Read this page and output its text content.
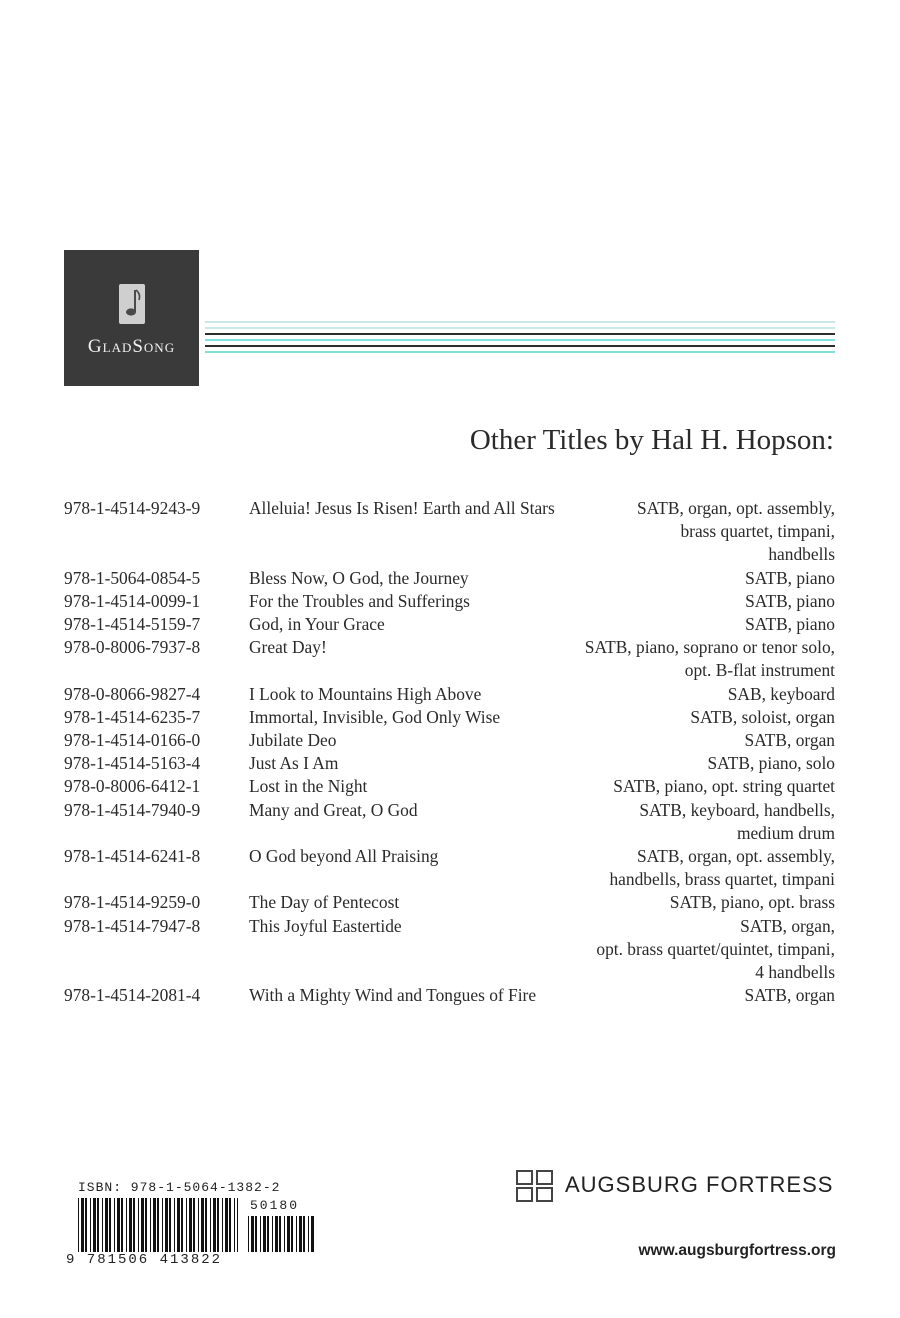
GladSong
Other Titles by Hal H. Hopson:
978-1-4514-9243-9	Alleluia! Jesus Is Risen! Earth and All Stars	SATB, organ, opt. assembly,
brass quartet, timpani,
handbells
978-1-5064-0854-5	Bless Now, O God, the Journey	SATB, piano
978-1-4514-0099-1	For the Troubles and Sufferings	SATB, piano
978-1-4514-5159-7	God, in Your Grace	SATB, piano
978-0-8006-7937-8	Great Day!	SATB, piano, soprano or tenor solo,
opt. B-flat instrument
978-0-8066-9827-4	I Look to Mountains High Above	SAB, keyboard
978-1-4514-6235-7	Immortal, Invisible, God Only Wise	SATB, soloist, organ
978-1-4514-0166-0	Jubilate Deo	SATB, organ
978-1-4514-5163-4	Just As I Am	SATB, piano, solo
978-0-8006-6412-1	Lost in the Night	SATB, piano, opt. string quartet
978-1-4514-7940-9	Many and Great, O God	SATB, keyboard, handbells,
medium drum
978-1-4514-6241-8	O God beyond All Praising	SATB, organ, opt. assembly,
handbells, brass quartet, timpani
978-1-4514-9259-0	The Day of Pentecost	SATB, piano, opt. brass
978-1-4514-7947-8	This Joyful Eastertide	SATB, organ,
opt. brass quartet/quintet, timpani,
4 handbells
978-1-4514-2081-4	With a Mighty Wind and Tongues of Fire	SATB, organ
ISBN: 978-1-5064-1382-2
50180
9 781506 413822
AUGSBURG FORTRESS
www.augsburgfortress.org
